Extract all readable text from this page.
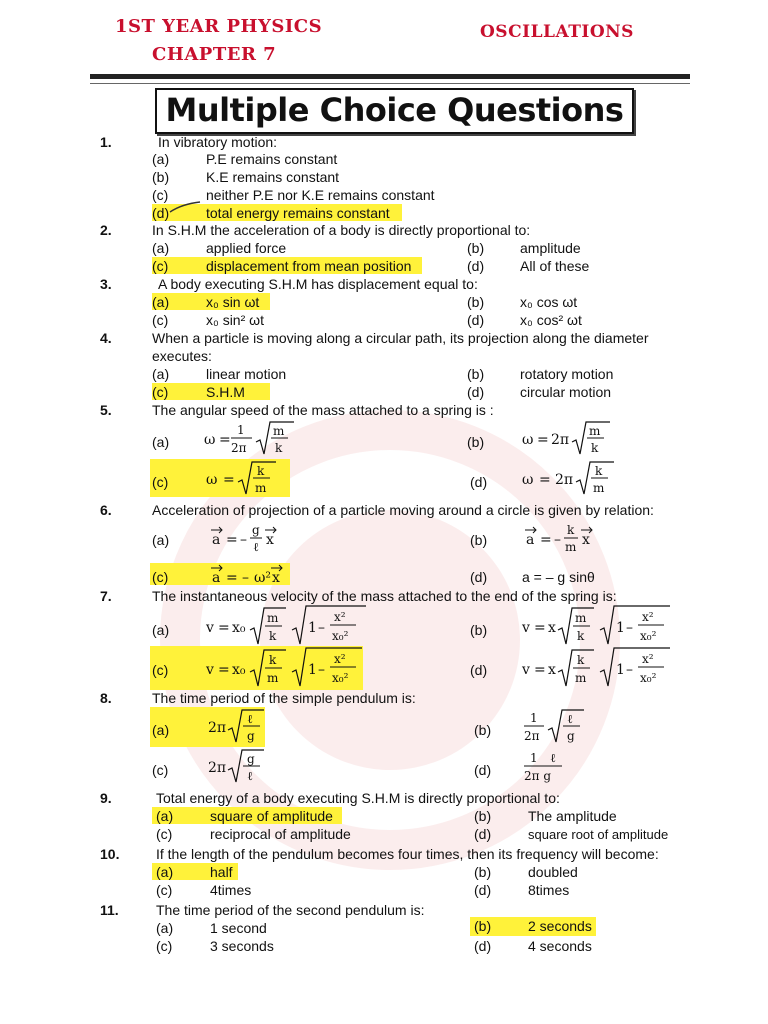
1ST YEAR PHYSICS
CHAPTER 7
OSCILLATIONS
Multiple Choice Questions
1.	In vibratory motion:
(a)	P.E remains constant
(b)	K.E remains constant
(c)	neither P.E nor K.E remains constant
(d)	total energy remains constant
2.	In S.H.M the acceleration of a body is directly proportional to:
(a)	applied force	(b)	amplitude
(c)	displacement from mean position	(d)	All of these
3.	A body executing S.H.M has displacement equal to:
(a)	x₀ sin ωt	(b)	x₀ cos ωt
(c)	x₀ sin² ωt	(d)	x₀ cos² ωt
4.	When a particle is moving along a circular path, its projection along the diameter
executes:
(a)	linear motion	(b)	rotatory motion
(c)	S.H.M	(d)	circular motion
5.	The angular speed of the mass attached to a spring is :
(a) ω =
1
2π
m
k	(b)	ω = 2π
m
k
(c)	ω =
k
m	(d) ω = 2π
k
m
6.	Acceleration of projection of a particle moving around a circle is given by relation:
(a)	a = –
g
ℓ x	(b)	a = –
k
m x
(c)	a = – ω² x	(d) a = – g sinθ
7.	The instantaneous velocity of the mass attached to the end of the spring is:
(a)	v = x₀
m
k 1 –
x²
x₀²	(b) v = x
m
k 1 –
x²
x₀²
(c)	v = x₀
k
m 1 –
x²
x₀²	(d) v = x
k
m 1 –
x²
x₀²
8.	The time period of the simple pendulum is:
(a)	2π
ℓ
g	(b)
1
2π
ℓ
g
(c)	2π
g
ℓ	(d)
1 ℓ
2π g
9.	Total energy of a body executing S.H.M is directly proportional to:
(a)	square of amplitude	(b)	The amplitude
(c)	reciprocal of amplitude	(d)	square root of amplitude
10.	If the length of the pendulum becomes four times, then its frequency will become:
(a)	half	(b)	doubled
(c)	4times	(d)	8times
11.	The time period of the second pendulum is:
(a)	1 second	(b)	2 seconds
(c)	3 seconds	(d)	4 seconds
